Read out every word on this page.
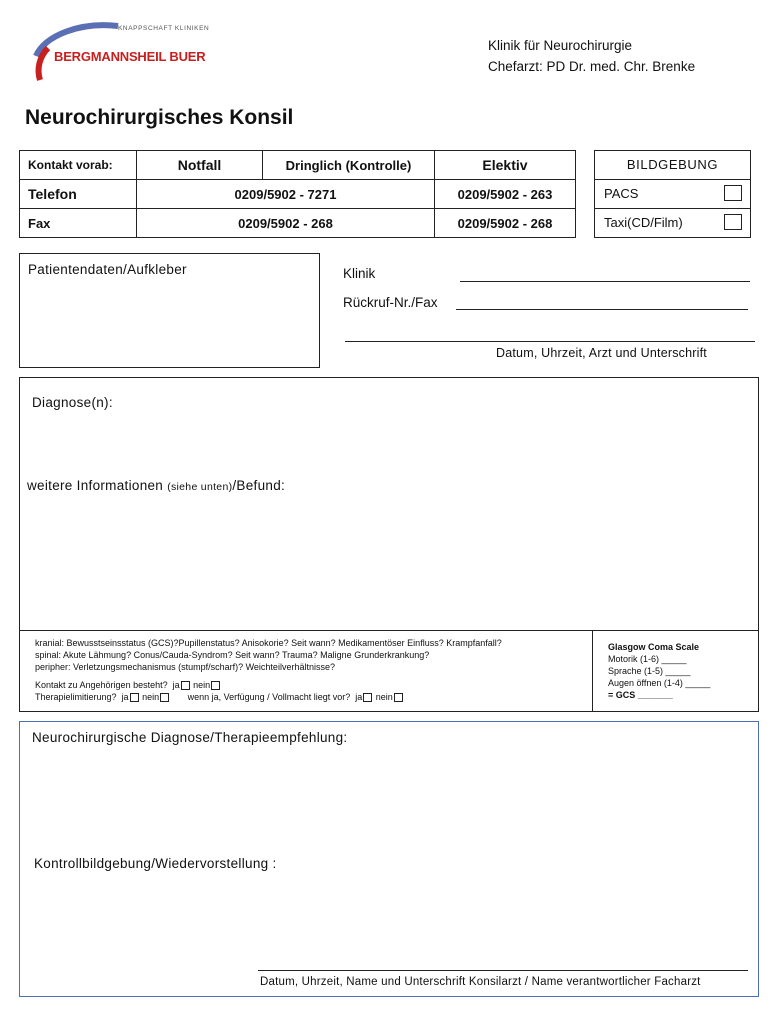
KNAPPSCHAFT KLINIKEN
BERGMANNSHEIL BUER
Klinik für Neurochirurgie
Chefarzt: PD Dr. med. Chr. Brenke
Neurochirurgisches Konsil
Kontakt vorab:	Notfall	Dringlich (Kontrolle)	Elektiv
Telefon	0209/5902 - 7271		0209/5902 - 263
Fax	0209/5902 - 268		0209/5902 - 268
BILDGEBUNG
PACS
Taxi(CD/Film)
Patientendaten/Aufkleber	Klinik
Rückruf-Nr./Fax
Datum, Uhrzeit, Arzt und Unterschrift
Diagnose(n):
weitere Informationen (siehe unten)/Befund:
kranial: Bewusstseinsstatus (GCS)?Pupillenstatus? Anisokorie? Seit wann? Medikamentöser Einfluss? Krampfanfall?
spinal: Akute Lähmung? Conus/Cauda-Syndrom? Seit wann? Trauma? Maligne Grunderkrankung?
peripher: Verletzungsmechanismus (stumpf/scharf)? Weichteilverhältnisse?
Kontakt zu Angehörigen besteht? ja nein
Therapielimitierung? ja nein	wenn ja, Verfügung / Vollmacht liegt vor? ja nein
Glasgow Coma Scale
Motorik (1-6) _____
Sprache (1-5) _____
Augen öffnen (1-4) _____
= GCS _______
Neurochirurgische Diagnose/Therapieempfehlung:
Kontrollbildgebung/Wiedervorstellung :
Datum, Uhrzeit, Name und Unterschrift Konsilarzt / Name verantwortlicher Facharzt
